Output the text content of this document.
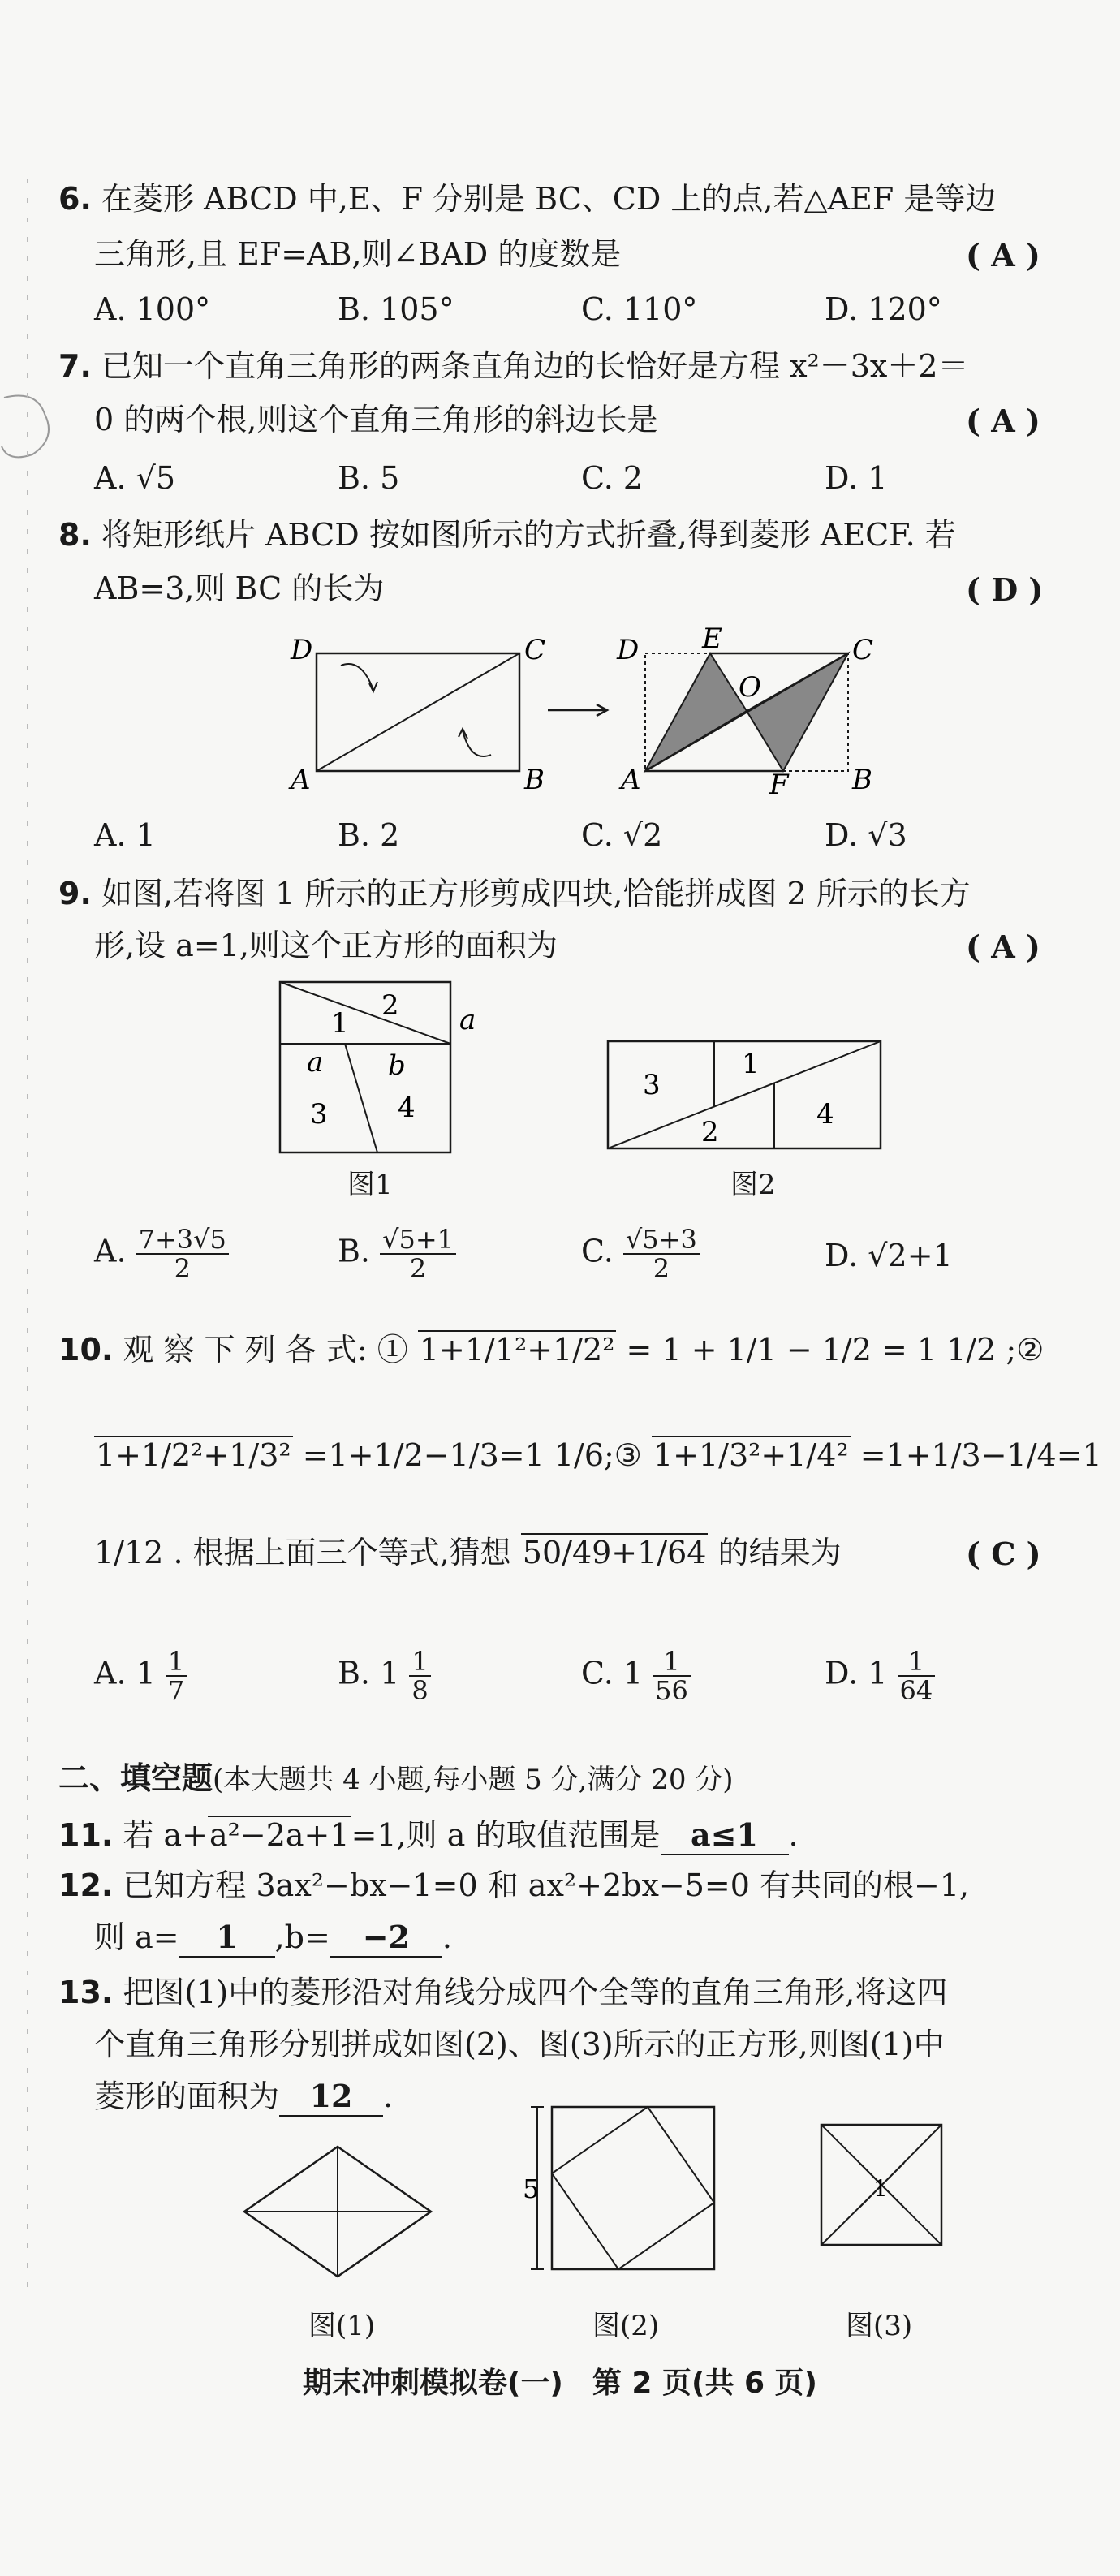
6. 在菱形 ABCD 中,E、F 分别是 BC、CD 上的点,若△AEF 是等边
三角形,且 EF=AB,则∠BAD 的度数是	( A )
A. 100°	B. 105°	C. 110°	D. 120°
7. 已知一个直角三角形的两条直角边的长恰好是方程 x²－3x＋2＝
0 的两个根,则这个直角三角形的斜边长是	( A )
A. √5	B. 5	C. 2	D. 1
8. 将矩形纸片 ABCD 按如图所示的方式折叠,得到菱形 AECF. 若
AB=3,则 BC 的长为	( D )
D	C
A	B
D E	C
O
A	F B
A. 1	B. 2	C. √2	D. √3
9. 如图,若将图 1 所示的正方形剪成四块,恰能拼成图 2 所示的长方
形,设 a=1,则这个正方形的面积为	( A )
1
2 a
a b
3	4
图1
3
1
2
4
图2
A. $\frac{7+3√5}{2}$	B. $\frac{√5+1}{2}$	C. $\frac{√5+3}{2}$	D. √2+1
10. 观 察 下 列 各 式: ① 1+1/1²+1/2² = 1 + 1/1 − 1/2 = 1 1/2 ;②
1+1/2²+1/3² =1+1/2−1/3=1 1/6;③ 1+1/3²+1/4² =1+1/3−1/4=1
1/12 . 根据上面三个等式,猜想 50/49+1/64 的结果为	( C )
A. $1 \frac{1}{7}$	B. $1 \frac{1}{8}$	C. $1 \frac{1}{56}$	D. $1 \frac{1}{64}$
二、填空题(本大题共 4 小题,每小题 5 分,满分 20 分)
11. 若 a+a²−2a+1=1,则 a 的取值范围是 a≤1 .
12. 已知方程 3ax²−bx−1=0 和 ax²+2bx−5=0 有共同的根−1,
则 a= 1 ,b= −2 .
13. 把图(1)中的菱形沿对角线分成四个全等的直角三角形,将这四
个直角三角形分别拼成如图(2)、图(3)所示的正方形,则图(1)中
菱形的面积为 12 .
图(1)
5
图(2)
1
图(3)
期末冲刺模拟卷(一)　第 2 页(共 6 页)
